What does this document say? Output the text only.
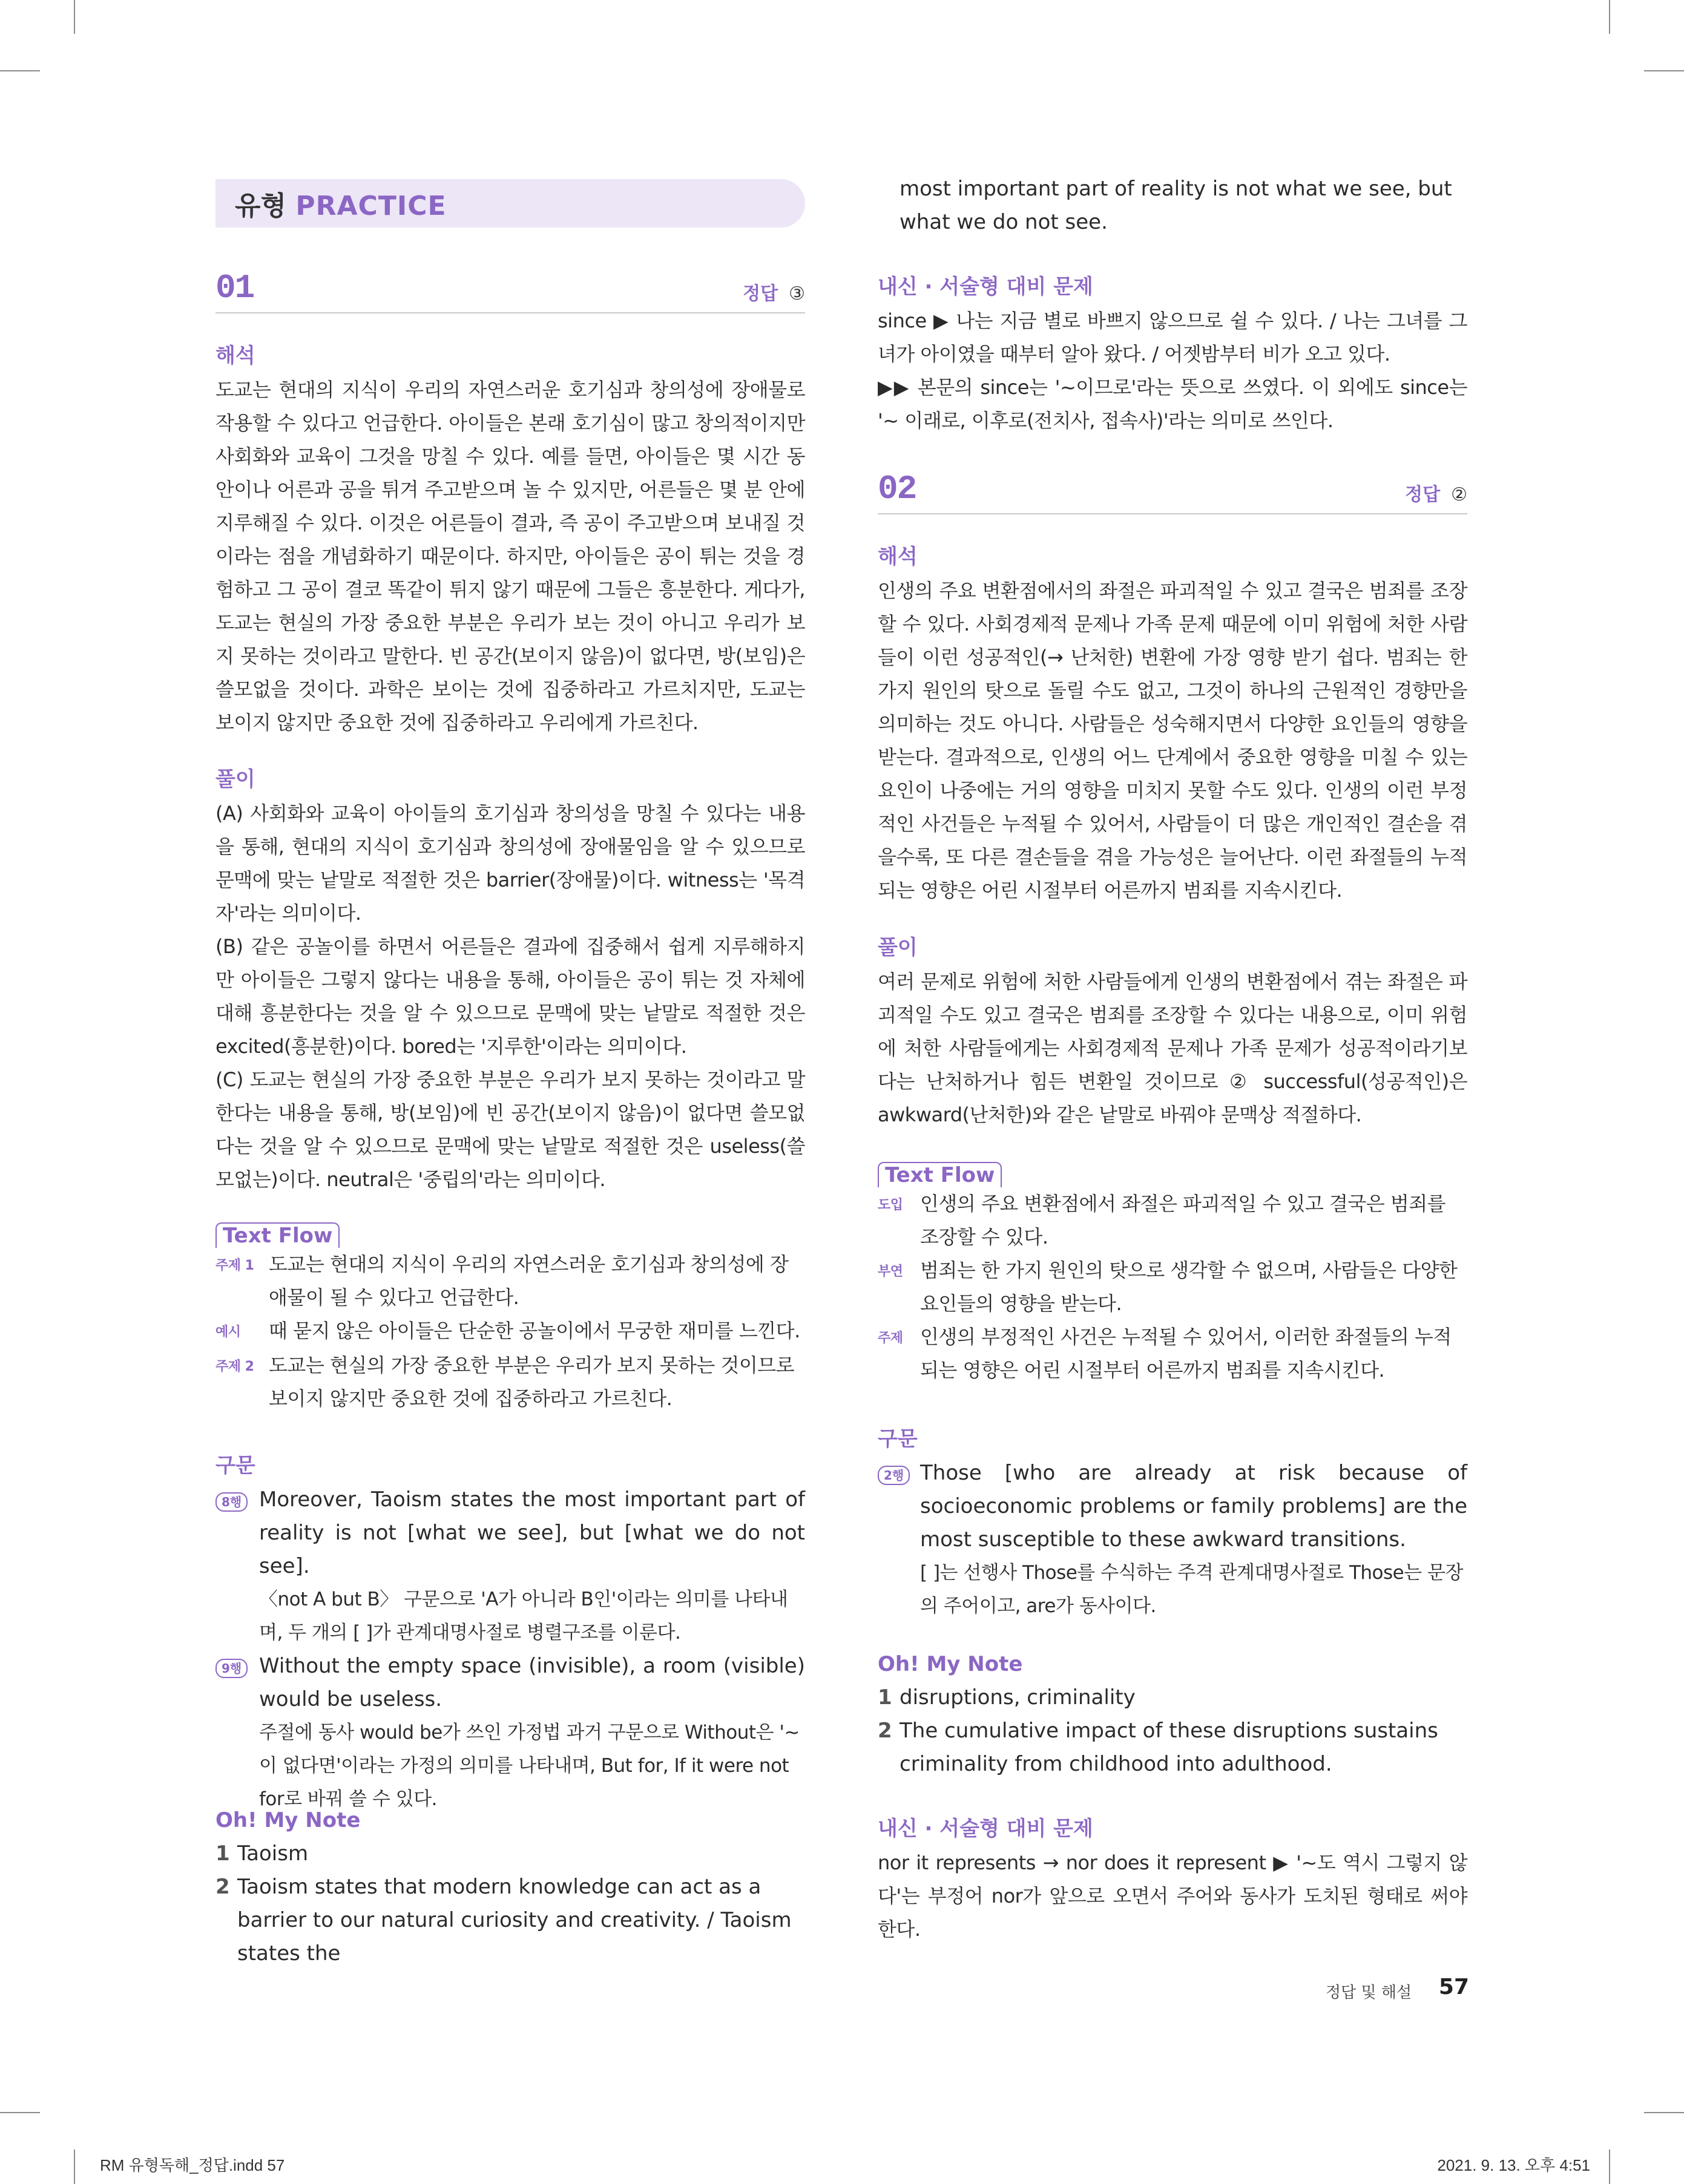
유형 PRACTICE
01	정답 ③

해석

도교는 현대의 지식이 우리의 자연스러운 호기심과 창의성에 장애물로 작용할 수 있다고 언급한다. 아이들은 본래 호기심이 많고 창의적이지만 사회화와 교육이 그것을 망칠 수 있다. 예를 들면, 아이들은 몇 시간 동안이나 어른과 공을 튀겨 주고받으며 놀 수 있지만, 어른들은 몇 분 안에 지루해질 수 있다. 이것은 어른들이 결과, 즉 공이 주고받으며 보내질 것이라는 점을 개념화하기 때문이다. 하지만, 아이들은 공이 튀는 것을 경험하고 그 공이 결코 똑같이 튀지 않기 때문에 그들은 흥분한다. 게다가, 도교는 현실의 가장 중요한 부분은 우리가 보는 것이 아니고 우리가 보지 못하는 것이라고 말한다. 빈 공간(보이지 않음)이 없다면, 방(보임)은 쓸모없을 것이다. 과학은 보이는 것에 집중하라고 가르치지만, 도교는 보이지 않지만 중요한 것에 집중하라고 우리에게 가르친다.

풀이

(A) 사회화와 교육이 아이들의 호기심과 창의성을 망칠 수 있다는 내용을 통해, 현대의 지식이 호기심과 창의성에 장애물임을 알 수 있으므로 문맥에 맞는 낱말로 적절한 것은 barrier(장애물)이다. witness는 '목격자'라는 의미이다.

(B) 같은 공놀이를 하면서 어른들은 결과에 집중해서 쉽게 지루해하지만 아이들은 그렇지 않다는 내용을 통해, 아이들은 공이 튀는 것 자체에 대해 흥분한다는 것을 알 수 있으므로 문맥에 맞는 낱말로 적절한 것은 excited(흥분한)이다. bored는 '지루한'이라는 의미이다.

(C) 도교는 현실의 가장 중요한 부분은 우리가 보지 못하는 것이라고 말한다는 내용을 통해, 방(보임)에 빈 공간(보이지 않음)이 없다면 쓸모없다는 것을 알 수 있으므로 문맥에 맞는 낱말로 적절한 것은 useless(쓸모없는)이다. neutral은 '중립의'라는 의미이다.

Text Flow
주제 1 도교는 현대의 지식이 우리의 자연스러운 호기심과 창의성에 장애물이 될 수 있다고 언급한다.
예시	때 묻지 않은 아이들은 단순한 공놀이에서 무궁한 재미를 느낀다.
주제 2 도교는 현실의 가장 중요한 부분은 우리가 보지 못하는 것이므로 보이지 않지만 중요한 것에 집중하라고 가르친다.

구문

8행 Moreover, Taoism states the most important part of reality is not [what we see], but [what we do not see].
〈not A but B〉 구문으로 'A가 아니라 B인'이라는 의미를 나타내며, 두 개의 [ ]가 관계대명사절로 병렬구조를 이룬다.
9행 Without the empty space (invisible), a room (visible) would be useless.
주절에 동사 would be가 쓰인 가정법 과거 구문으로 Without은 '~이 없다면'이라는 가정의 의미를 나타내며, But for, If it were not for로 바꿔 쓸 수 있다.

Oh! My Note

1 Taoism
2 Taoism states that modern knowledge can act as a barrier to our natural curiosity and creativity. / Taoism states the
most important part of reality is not what we see, but what we do not see.

내신 · 서술형 대비 문제

since ▶ 나는 지금 별로 바쁘지 않으므로 쉴 수 있다. / 나는 그녀를 그녀가 아이였을 때부터 알아 왔다. / 어젯밤부터 비가 오고 있다.

▶▶ 본문의 since는 '~이므로'라는 뜻으로 쓰였다. 이 외에도 since는 '~ 이래로, 이후로(전치사, 접속사)'라는 의미로 쓰인다.

02	정답 ②

해석

인생의 주요 변환점에서의 좌절은 파괴적일 수 있고 결국은 범죄를 조장할 수 있다. 사회경제적 문제나 가족 문제 때문에 이미 위험에 처한 사람들이 이런 성공적인(→ 난처한) 변환에 가장 영향 받기 쉽다. 범죄는 한 가지 원인의 탓으로 돌릴 수도 없고, 그것이 하나의 근원적인 경향만을 의미하는 것도 아니다. 사람들은 성숙해지면서 다양한 요인들의 영향을 받는다. 결과적으로, 인생의 어느 단계에서 중요한 영향을 미칠 수 있는 요인이 나중에는 거의 영향을 미치지 못할 수도 있다. 인생의 이런 부정적인 사건들은 누적될 수 있어서, 사람들이 더 많은 개인적인 결손을 겪을수록, 또 다른 결손들을 겪을 가능성은 늘어난다. 이런 좌절들의 누적되는 영향은 어린 시절부터 어른까지 범죄를 지속시킨다.

풀이

여러 문제로 위험에 처한 사람들에게 인생의 변환점에서 겪는 좌절은 파괴적일 수도 있고 결국은 범죄를 조장할 수 있다는 내용으로, 이미 위험에 처한 사람들에게는 사회경제적 문제나 가족 문제가 성공적이라기보다는 난처하거나 힘든 변환일 것이므로 ② successful(성공적인)은 awkward(난처한)와 같은 낱말로 바꿔야 문맥상 적절하다.

Text Flow
도입 인생의 주요 변환점에서 좌절은 파괴적일 수 있고 결국은 범죄를 조장할 수 있다.
부연 범죄는 한 가지 원인의 탓으로 생각할 수 없으며, 사람들은 다양한 요인들의 영향을 받는다.
주제 인생의 부정적인 사건은 누적될 수 있어서, 이러한 좌절들의 누적되는 영향은 어린 시절부터 어른까지 범죄를 지속시킨다.

구문

2행 Those [who are already at risk because of socioeconomic problems or family problems] are the most susceptible to these awkward transitions.
[ ]는 선행사 Those를 수식하는 주격 관계대명사절로 Those는 문장의 주어이고, are가 동사이다.

Oh! My Note

1 disruptions, criminality
2 The cumulative impact of these disruptions sustains criminality from childhood into adulthood.

내신 · 서술형 대비 문제

nor it represents → nor does it represent ▶ '~도 역시 그렇지 않다'는 부정어 nor가 앞으로 오면서 주어와 동사가 도치된 형태로 써야 한다.

정답 및 해설 57
RM 유형독해_정답.indd 57	2021. 9. 13. 오후 4:51
